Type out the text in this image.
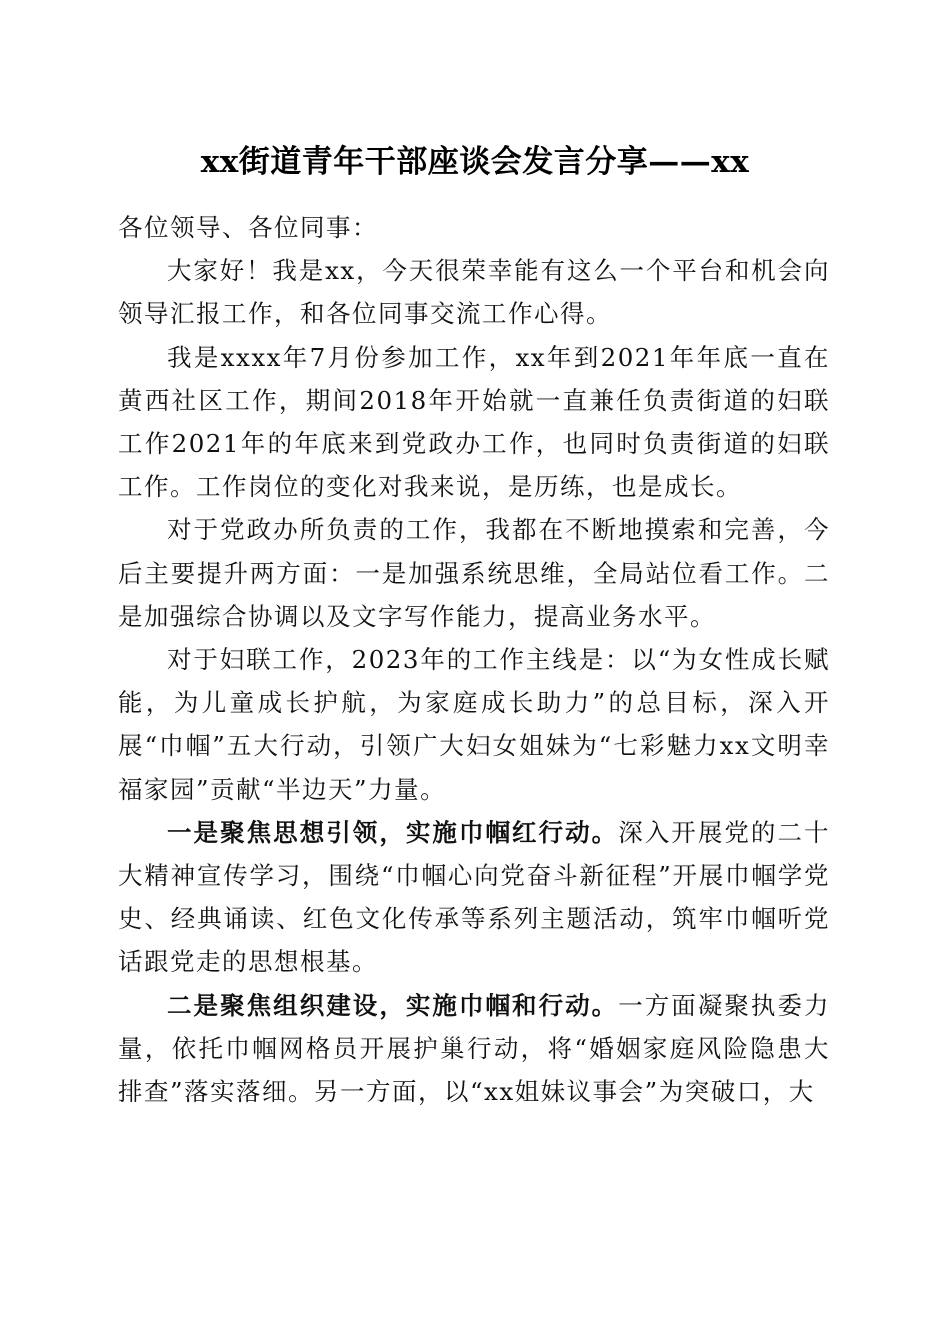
xx街道青年干部座谈会发言分享——xx

各位领导、各位同事：

大家好！我是xx，今天很荣幸能有这么一个平台和机会向领导汇报工作，和各位同事交流工作心得。

我是xxxx年7月份参加工作，xx年到2021年年底一直在黄西社区工作，期间2018年开始就一直兼任负责街道的妇联工作2021年的年底来到党政办工作，也同时负责街道的妇联工作。工作岗位的变化对我来说，是历练，也是成长。

对于党政办所负责的工作，我都在不断地摸索和完善，今后主要提升两方面：一是加强系统思维，全局站位看工作。二是加强综合协调以及文字写作能力，提高业务水平。

对于妇联工作，2023年的工作主线是：以“为女性成长赋能，为儿童成长护航，为家庭成长助力”的总目标，深入开展“巾帼”五大行动，引领广大妇女姐妹为“七彩魅力xx文明幸福家园”贡献“半边天”力量。

一是聚焦思想引领，实施巾帼红行动。深入开展党的二十大精神宣传学习，围绕“巾帼心向党奋斗新征程”开展巾帼学党史、经典诵读、红色文化传承等系列主题活动，筑牢巾帼听党话跟党走的思想根基。

二是聚焦组织建设，实施巾帼和行动。一方面凝聚执委力量，依托巾帼网格员开展护巢行动，将“婚姻家庭风险隐患大排查”落实落细。另一方面，以“xx姐妹议事会”为突破口，大
